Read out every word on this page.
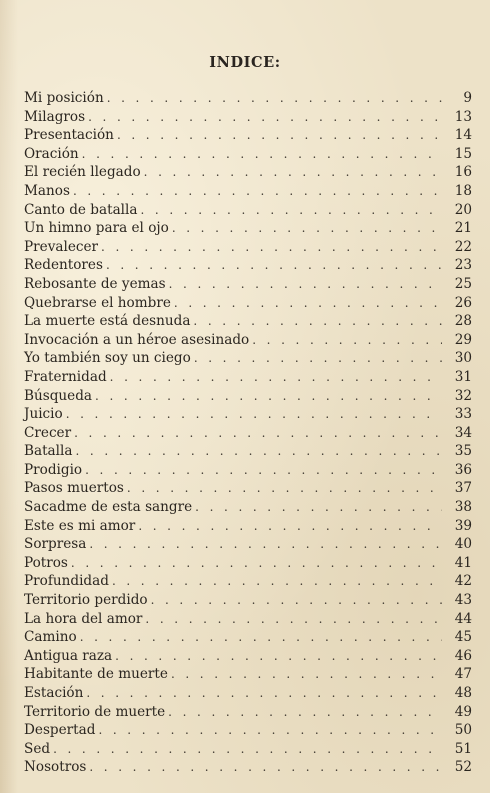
INDICE:
Mi posición . . .	9
Milagros . . .	13
Presentación . . .	14
Oración . . .	15
El recién llegado . . .	16
Manos . . .	18
Canto de batalla . . .	20
Un himno para el ojo . . .	21
Prevalecer . . .	22
Redentores . . .	23
Rebosante de yemas . . .	25
Quebrarse el hombre . . .	26
La muerte está desnuda . . .	28
Invocación a un héroe asesinado . . .	29
Yo también soy un ciego . . .	30
Fraternidad . . .	31
Búsqueda . . .	32
Juicio . . .	33
Crecer . . .	34
Batalla . . .	35
Prodigio . . .	36
Pasos muertos . . .	37
Sacadme de esta sangre . . .	38
Este es mi amor . . .	39
Sorpresa . . .	40
Potros . . .	41
Profundidad . . .	42
Territorio perdido . . .	43
La hora del amor . . .	44
Camino . . .	45
Antigua raza . . .	46
Habitante de muerte . . .	47
Estación . . .	48
Territorio de muerte . . .	49
Despertad . . .	50
Sed . . .	51
Nosotros . . .	52
